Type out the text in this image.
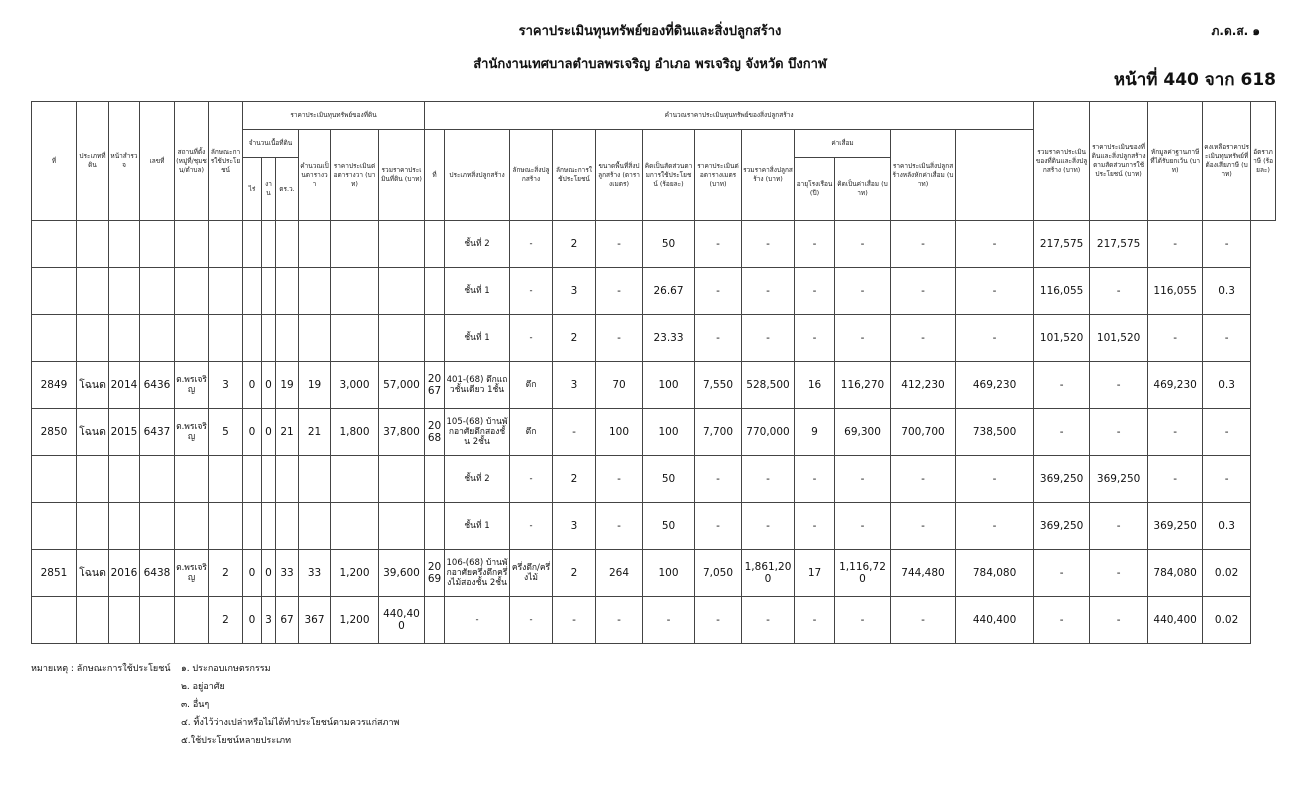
ราคาประเมินทุนทรัพย์ของที่ดินและสิ่งปลูกสร้าง
สำนักงานเทศบาลตำบลพรเจริญ อำเภอ พรเจริญ จังหวัด บึงกาฬ
ภ.ด.ส. ๑
หน้าที่ 440 จาก 618
ที่	ประเภทที่ดิน	หน้าสำรวจ	เลขที่	สถานที่ตั้ง(หมู่ที่/ชุมชน/ตำบล)	ลักษณะการใช้ประโยชน์	ราคาประเมินทุนทรัพย์ของที่ดิน						คำนวณราคาประเมินทุนทรัพย์ของสิ่งปลูกสร้าง												รวมราคาประเมินของที่ดินและสิ่งปลูกสร้าง (บาท)	ราคาประเมินของที่ดินและสิ่งปลูกสร้างตามสัดส่วนการใช้ประโยชน์ (บาท)	หักมูลค่าฐานภาษีที่ได้รับยกเว้น (บาท)	คงเหลือราคาประเมินทุนทรัพย์ที่ต้องเสียภาษี (บาท)	อัตราภาษี (ร้อยละ)
						จำนวนเนื้อที่ดิน			คำนวณเป็นตารางวา	ราคาประเมินต่อตารางวา (บาท)	รวมราคาประเมินที่ดิน (บาท)	ที่	ประเภทสิ่งปลูกสร้าง	ลักษณะสิ่งปลูกสร้าง	ลักษณะการใช้ประโยชน์	ขนาดพื้นที่สิ่งปลูกสร้าง (ตารางเมตร)	คิดเป็นสัดส่วนตามการใช้ประโยชน์ (ร้อยละ)	ราคาประเมินต่อตารางเมตร (บาท)	รวมราคาสิ่งปลูกสร้าง (บาท)	ค่าเสื่อม		ราคาประเมินสิ่งปลูกสร้างหลังหักค่าเสื่อม (บาท)						
						ไร่	งาน	ตร.ว.												อายุโรงเรือน (ปี)	คิดเป็นค่าเสื่อม (บาท)							
													ชั้นที่ 2	-	2	-	50	-	-	-	-	-	-	217,575	217,575	-	-	
													ชั้นที่ 1	-	3	-	26.67	-	-	-	-	-	-	116,055	-	116,055	0.3	
													ชั้นที่ 1	-	2	-	23.33	-	-	-	-	-	-	101,520	101,520	-	-	
2849	โฉนด	2014	6436	ต.พรเจริญ	3	0	0	19	19	3,000	57,000	2067	401-(68) ตึกแถวชั้นเดียว 1ชั้น	ตึก	3	70	100	7,550	528,500	16	116,270	412,230	469,230	-	-	469,230	0.3	
2850	โฉนด	2015	6437	ต.พรเจริญ	5	0	0	21	21	1,800	37,800	2068	105-(68) บ้านพักอาศัยตึกสองชั้น 2ชั้น	ตึก	-	100	100	7,700	770,000	9	69,300	700,700	738,500	-	-	-	-	
													ชั้นที่ 2	-	2	-	50	-	-	-	-	-	-	369,250	369,250	-	-	
													ชั้นที่ 1	-	3	-	50	-	-	-	-	-	-	369,250	-	369,250	0.3	
2851	โฉนด	2016	6438	ต.พรเจริญ	2	0	0	33	33	1,200	39,600	2069	106-(68) บ้านพักอาศัยครึ่งตึกครึ่งไม้สองชั้น 2ชั้น	ครึ่งตึก/ครึ่งไม้	2	264	100	7,050	1,861,200	17	1,116,720	744,480	784,080	-	-	784,080	0.02	
					2	0	3	67	367	1,200	440,400		-	-	-	-	-	-	-	-	-	-	440,400	-	-	440,400	0.02	
หมายเหตุ : ลักษณะการใช้ประโยชน์ ๑. ประกอบเกษตรกรรม
๒. อยู่อาศัย
๓. อื่นๆ
๔. ทิ้งไว้ว่างเปล่าหรือไม่ได้ทำประโยชน์ตามควรแก่สภาพ
๕.ใช้ประโยชน์หลายประเภท
